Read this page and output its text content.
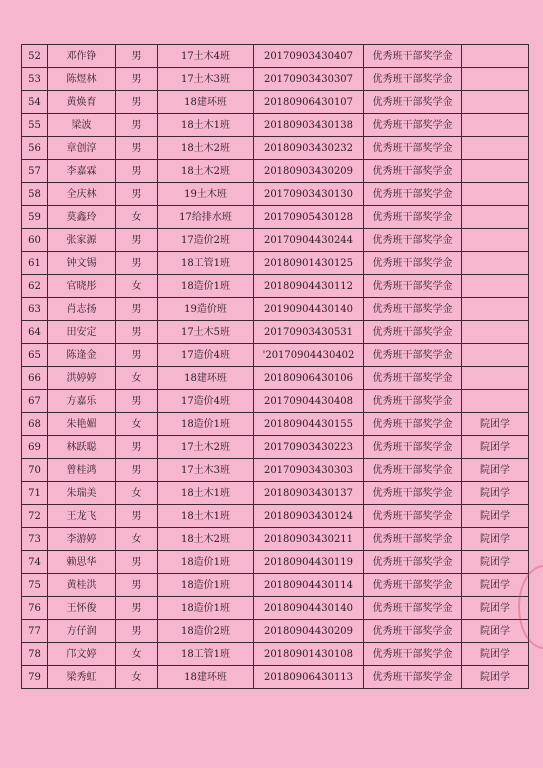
52	邓作铮	男	17土木4班	20170903430407	优秀班干部奖学金	
53	陈煜林	男	17土木3班	20170903430307	优秀班干部奖学金	
54	黄焕育	男	18建环班	20180906430107	优秀班干部奖学金	
55	梁波	男	18土木1班	20180903430138	优秀班干部奖学金	
56	章创淳	男	18土木2班	20180903430232	优秀班干部奖学金	
57	李嘉霖	男	18土木2班	20180903430209	优秀班干部奖学金	
58	全庆林	男	19土木班	20170903430130	优秀班干部奖学金	
59	莫鑫玲	女	17给排水班	20170905430128	优秀班干部奖学金	
60	张家源	男	17造价2班	20170904430244	优秀班干部奖学金	
61	钟文锡	男	18工管1班	20180901430125	优秀班干部奖学金	
62	官晓彤	女	18造价1班	20180904430112	优秀班干部奖学金	
63	肖志扬	男	19造价班	20190904430140	优秀班干部奖学金	
64	田安定	男	17土木5班	20170903430531	优秀班干部奖学金	
65	陈逢金	男	17造价4班	'20170904430402	优秀班干部奖学金	
66	洪婷婷	女	18建环班	20180906430106	优秀班干部奖学金	
67	方嘉乐	男	17造价4班	20170904430408	优秀班干部奖学金	
68	朱艳媚	女	18造价1班	20180904430155	优秀班干部奖学金	院团学
69	林跃聪	男	17土木2班	20170903430223	优秀班干部奖学金	院团学
70	曾桂鸿	男	17土木3班	20170903430303	优秀班干部奖学金	院团学
71	朱瑞美	女	18土木1班	20180903430137	优秀班干部奖学金	院团学
72	王龙飞	男	18土木1班	20180903430124	优秀班干部奖学金	院团学
73	李游婷	女	18土木2班	20180903430211	优秀班干部奖学金	院团学
74	赖思华	男	18造价1班	20180904430119	优秀班干部奖学金	院团学
75	黄桂洪	男	18造价1班	20180904430114	优秀班干部奖学金	院团学
76	王怀俊	男	18造价1班	20180904430140	优秀班干部奖学金	院团学
77	方仔润	男	18造价2班	20180904430209	优秀班干部奖学金	院团学
78	邝文婷	女	18工管1班	20180901430108	优秀班干部奖学金	院团学
79	梁秀虹	女	18建环班	20180906430113	优秀班干部奖学金	院团学
